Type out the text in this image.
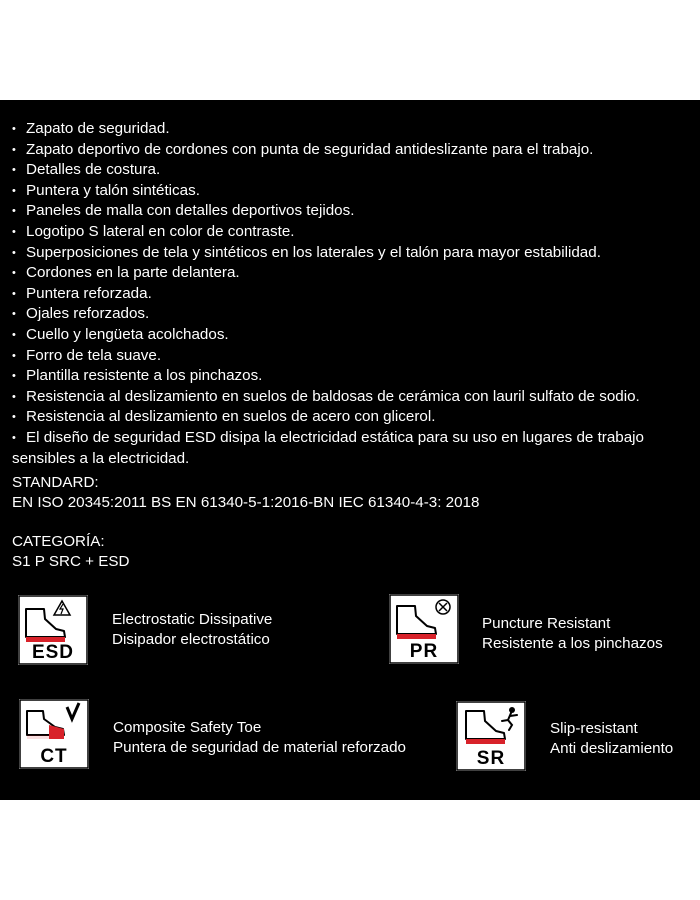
• Zapato de seguridad.
• Zapato deportivo de cordones con punta de seguridad antideslizante para el trabajo.
• Detalles de costura.
• Puntera y talón sintéticas.
• Paneles de malla con detalles deportivos tejidos.
• Logotipo S lateral en color de contraste.
• Superposiciones de tela y sintéticos en los laterales y el talón para mayor estabilidad.
• Cordones en la parte delantera.
• Puntera reforzada.
• Ojales reforzados.
• Cuello y lengüeta acolchados.
• Forro de tela suave.
• Plantilla resistente a los pinchazos.
• Resistencia al deslizamiento en suelos de baldosas de cerámica con lauril sulfato de sodio.
• Resistencia al deslizamiento en suelos de acero con glicerol.
• El diseño de seguridad ESD disipa la electricidad estática para su uso en lugares de trabajo sensibles a la electricidad.
STANDARD:
EN ISO 20345:2011 BS EN 61340-5-1:2016-BN IEC 61340-4-3: 2018
CATEGORÍA:
S1 P SRC + ESD
ESD
Electrostatic Dissipative
Disipador electrostático
PR
Puncture Resistant
Resistente a los pinchazos
CT
Composite Safety Toe
Puntera de seguridad de material reforzado
SR
Slip-resistant
Anti deslizamiento
